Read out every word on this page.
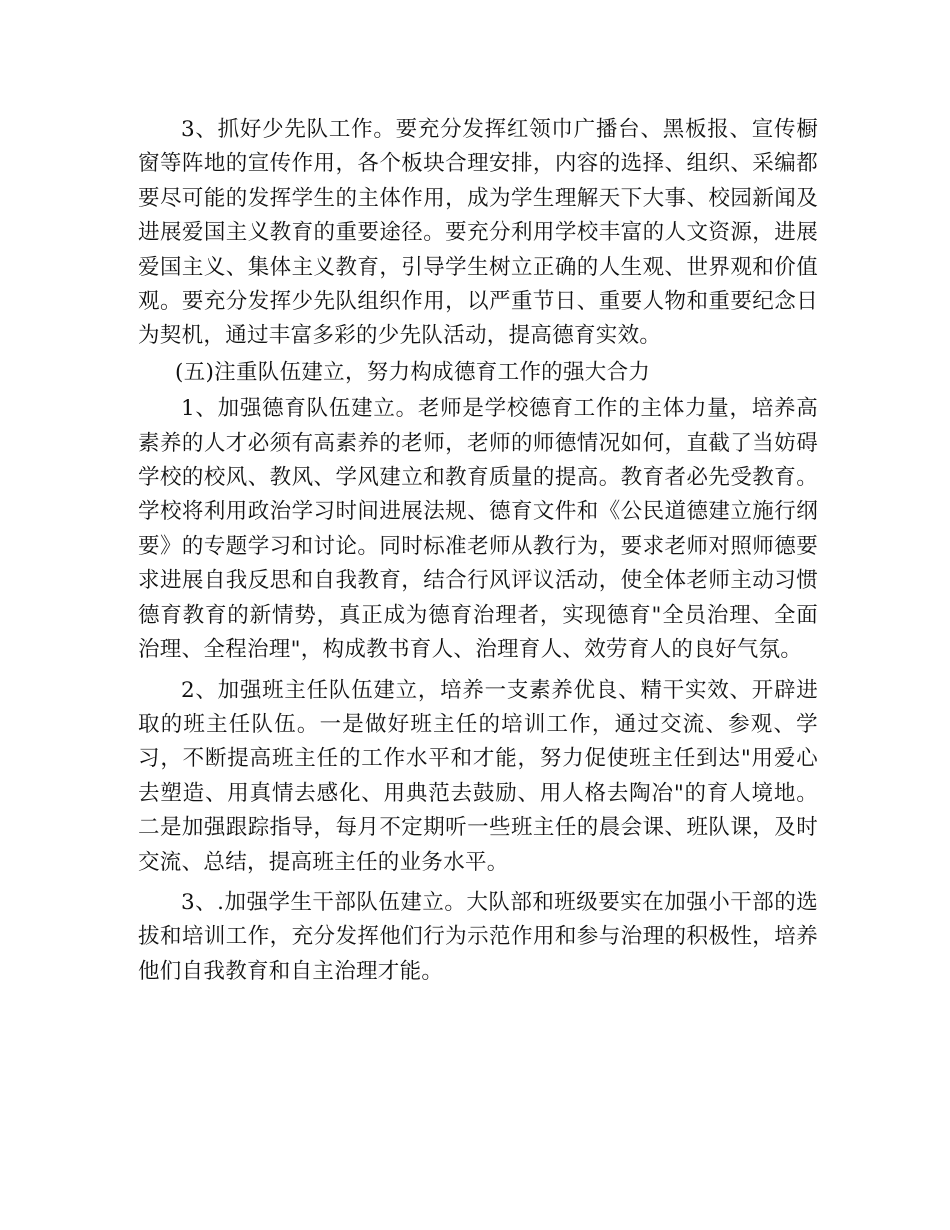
3、抓好少先队工作。要充分发挥红领巾广播台、黑板报、宣传橱窗等阵地的宣传作用，各个板块合理安排，内容的选择、组织、采编都要尽可能的发挥学生的主体作用，成为学生理解天下大事、校园新闻及进展爱国主义教育的重要途径。要充分利用学校丰富的人文资源，进展爱国主义、集体主义教育，引导学生树立正确的人生观、世界观和价值观。要充分发挥少先队组织作用，以严重节日、重要人物和重要纪念日为契机，通过丰富多彩的少先队活动，提高德育实效。

(五)注重队伍建立，努力构成德育工作的强大合力

1、加强德育队伍建立。老师是学校德育工作的主体力量，培养高素养的人才必须有高素养的老师，老师的师德情况如何，直截了当妨碍学校的校风、教风、学风建立和教育质量的提高。教育者必先受教育。学校将利用政治学习时间进展法规、德育文件和《公民道德建立施行纲要》的专题学习和讨论。同时标准老师从教行为，要求老师对照师德要求进展自我反思和自我教育，结合行风评议活动，使全体老师主动习惯德育教育的新情势，真正成为德育治理者，实现德育"全员治理、全面治理、全程治理"，构成教书育人、治理育人、效劳育人的良好气氛。

2、加强班主任队伍建立，培养一支素养优良、精干实效、开辟进取的班主任队伍。一是做好班主任的培训工作，通过交流、参观、学习，不断提高班主任的工作水平和才能，努力促使班主任到达"用爱心去塑造、用真情去感化、用典范去鼓励、用人格去陶冶"的育人境地。二是加强跟踪指导，每月不定期听一些班主任的晨会课、班队课，及时交流、总结，提高班主任的业务水平。

3、.加强学生干部队伍建立。大队部和班级要实在加强小干部的选拔和培训工作，充分发挥他们行为示范作用和参与治理的积极性，培养他们自我教育和自主治理才能。
